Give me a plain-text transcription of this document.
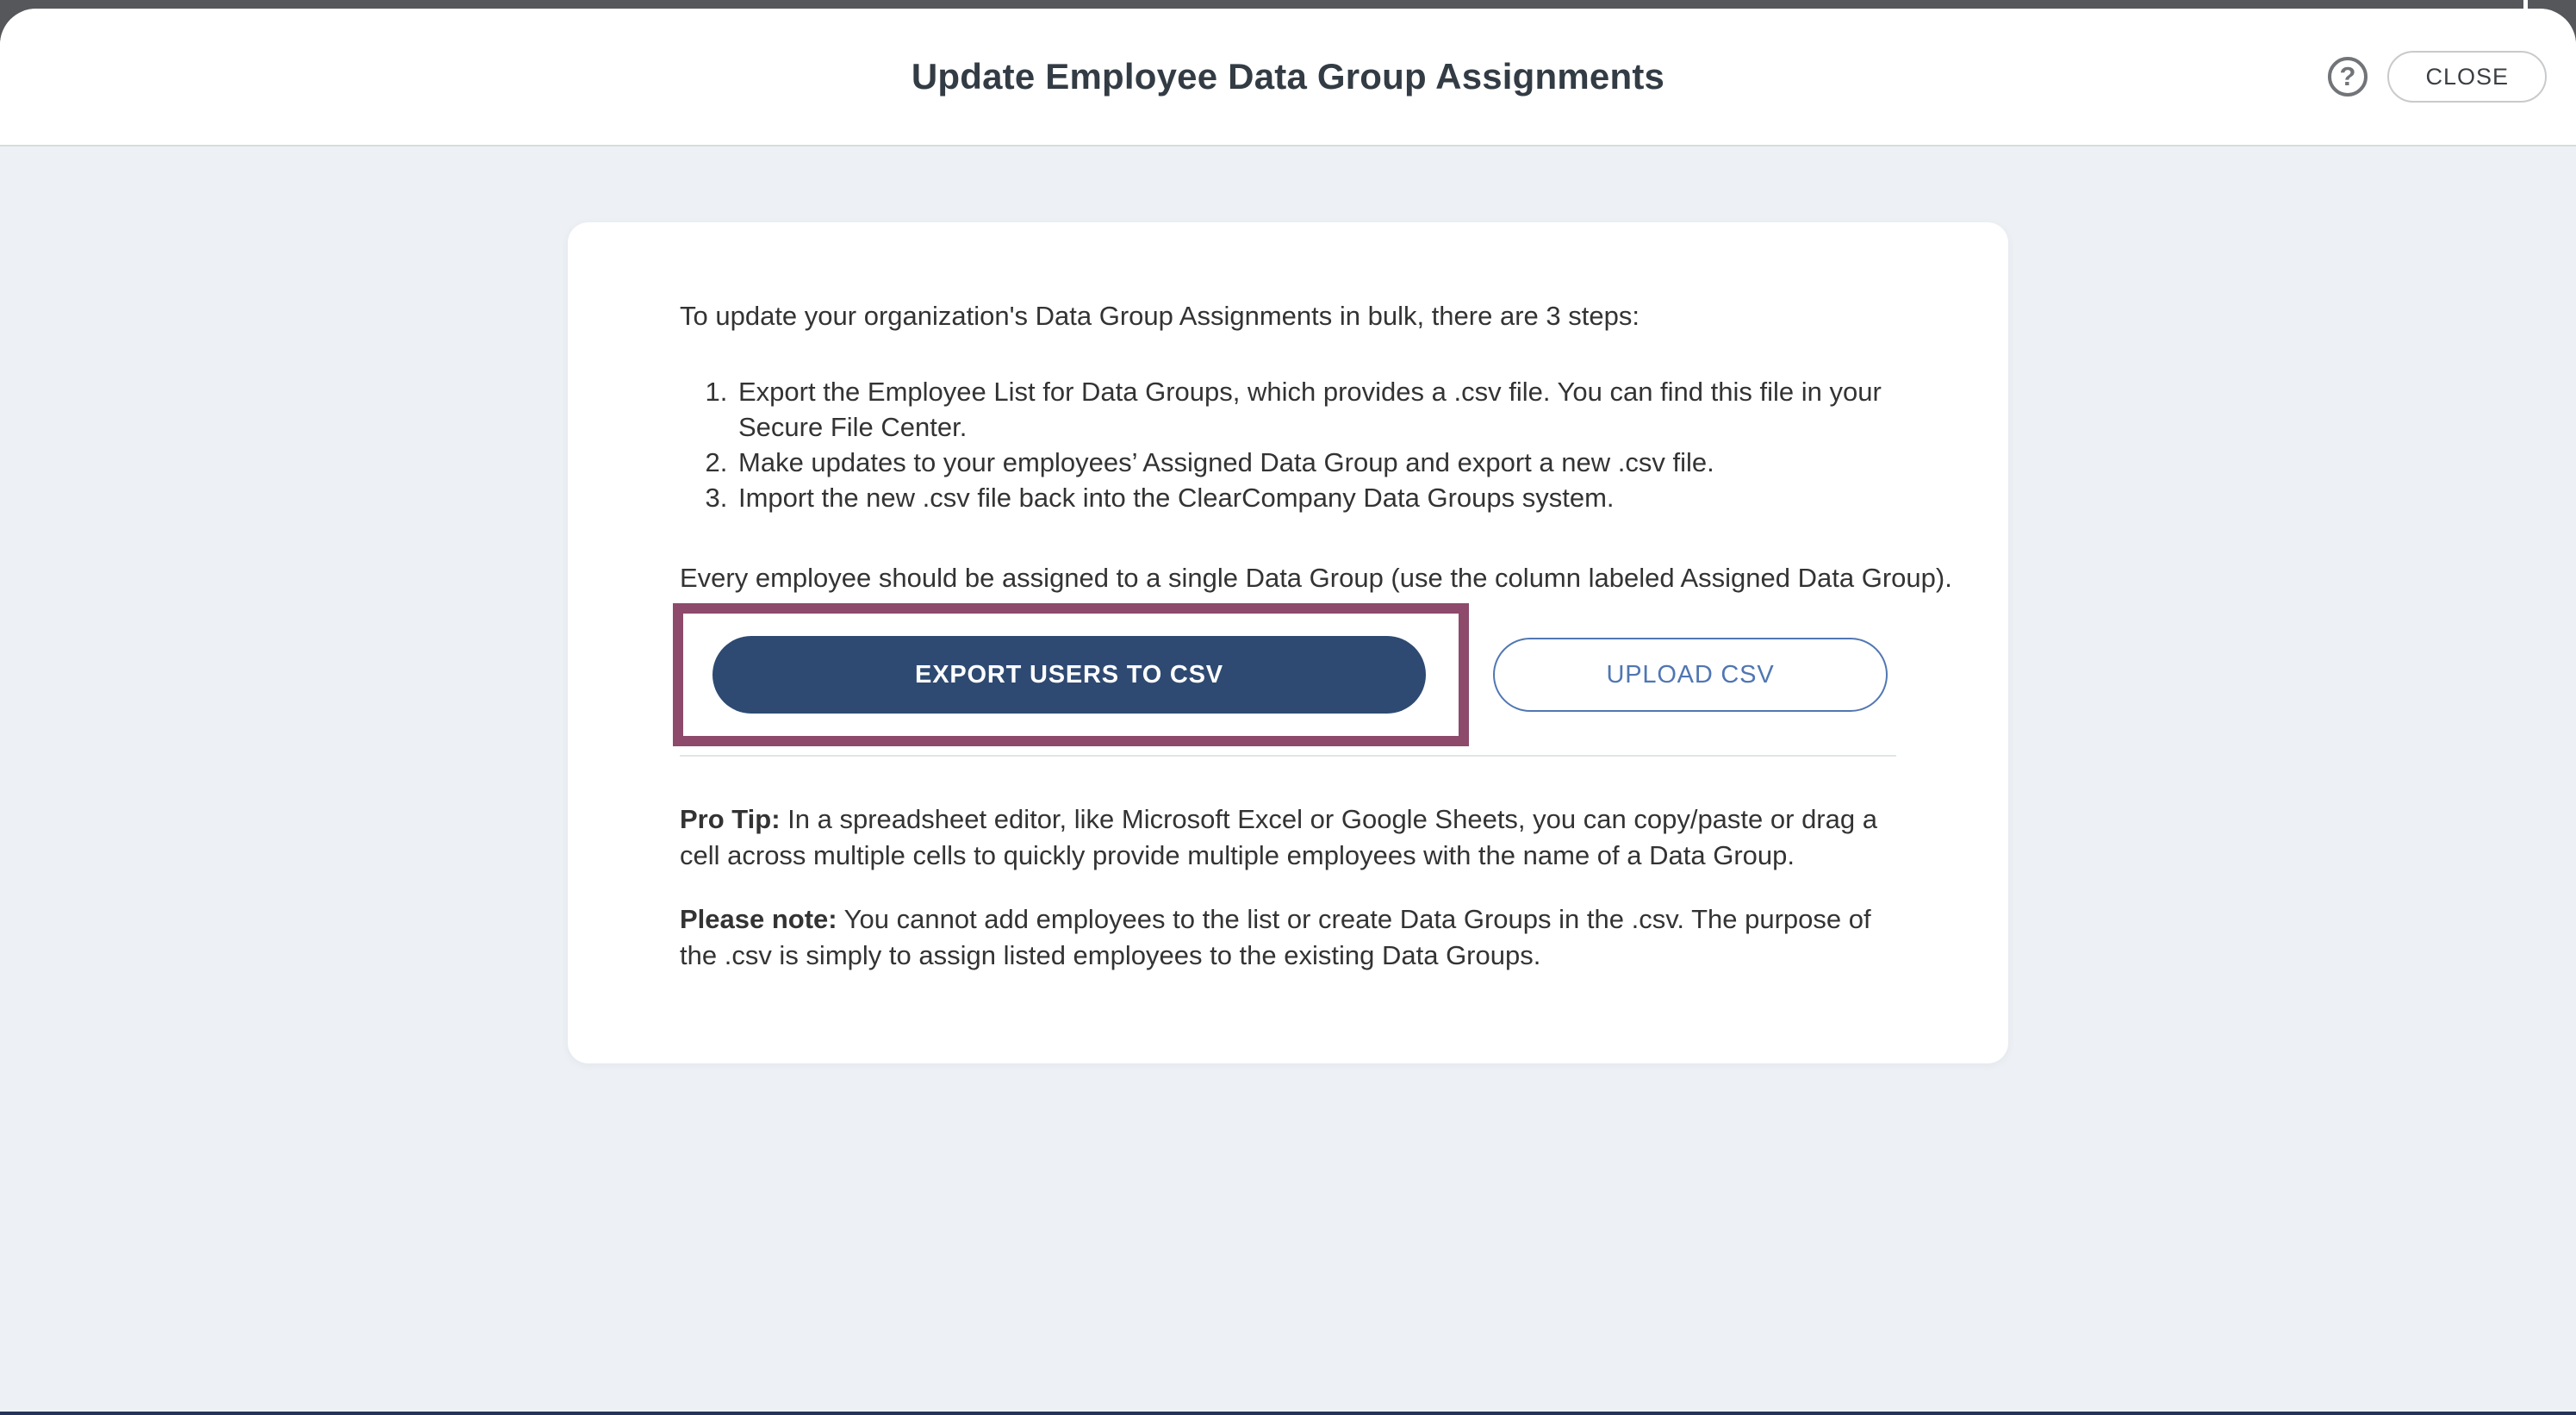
Update Employee Data Group Assignments	?	CLOSE
To update your organization's Data Group Assignments in bulk, there are 3 steps:
1. Export the Employee List for Data Groups, which provides a .csv file. You can find this file in your Secure File Center.
2. Make updates to your employees’ Assigned Data Group and export a new .csv file.
3. Import the new .csv file back into the ClearCompany Data Groups system.
Every employee should be assigned to a single Data Group (use the column labeled Assigned Data Group).
EXPORT USERS TO CSV	UPLOAD CSV

Pro Tip: In a spreadsheet editor, like Microsoft Excel or Google Sheets, you can copy/paste or drag a cell across multiple cells to quickly provide multiple employees with the name of a Data Group.

Please note: You cannot add employees to the list or create Data Groups in the .csv. The purpose of the .csv is simply to assign listed employees to the existing Data Groups.
